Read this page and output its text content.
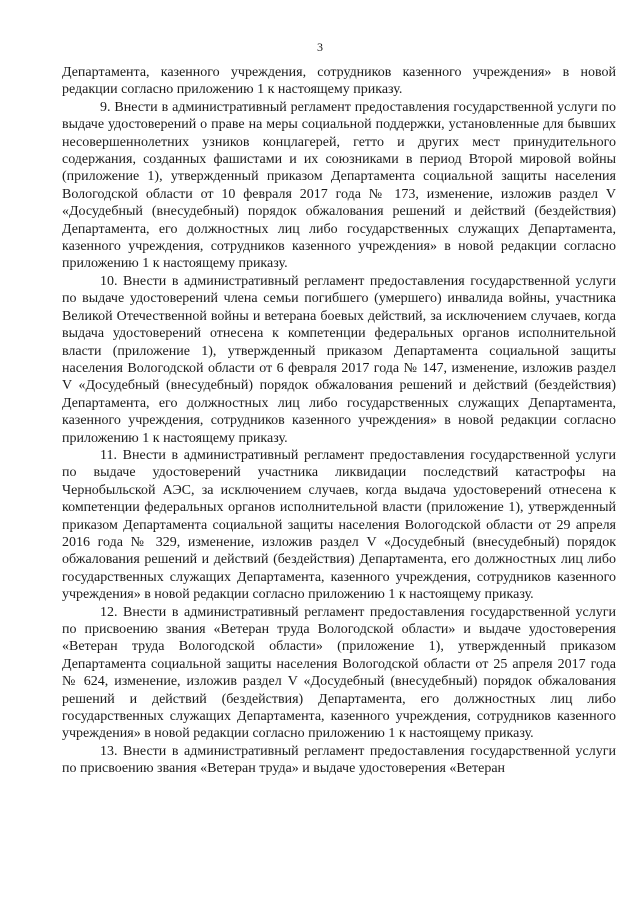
3

Департамента, казенного учреждения, сотрудников казенного учреждения» в новой редакции согласно приложению 1 к настоящему приказу.

9. Внести в административный регламент предоставления государственной услуги по выдаче удостоверений о праве на меры социальной поддержки, установленные для бывших несовершеннолетних узников концлагерей, гетто и других мест принудительного содержания, созданных фашистами и их союзниками в период Второй мировой войны (приложение 1), утвержденный приказом Департамента социальной защиты населения Вологодской области от 10 февраля 2017 года № 173, изменение, изложив раздел V «Досудебный (внесудебный) порядок обжалования решений и действий (бездействия) Департамента, его должностных лиц либо государственных служащих Департамента, казенного учреждения, сотрудников казенного учреждения» в новой редакции согласно приложению 1 к настоящему приказу.

10. Внести в административный регламент предоставления государственной услуги по выдаче удостоверений члена семьи погибшего (умершего) инвалида войны, участника Великой Отечественной войны и ветерана боевых действий, за исключением случаев, когда выдача удостоверений отнесена к компетенции федеральных органов исполнительной власти (приложение 1), утвержденный приказом Департамента социальной защиты населения Вологодской области от 6 февраля 2017 года № 147, изменение, изложив раздел V «Досудебный (внесудебный) порядок обжалования решений и действий (бездействия) Департамента, его должностных лиц либо государственных служащих Департамента, казенного учреждения, сотрудников казенного учреждения» в новой редакции согласно приложению 1 к настоящему приказу.

11. Внести в административный регламент предоставления государственной услуги по выдаче удостоверений участника ликвидации последствий катастрофы на Чернобыльской АЭС, за исключением случаев, когда выдача удостоверений отнесена к компетенции федеральных органов исполнительной власти (приложение 1), утвержденный приказом Департамента социальной защиты населения Вологодской области от 29 апреля 2016 года № 329, изменение, изложив раздел V «Досудебный (внесудебный) порядок обжалования решений и действий (бездействия) Департамента, его должностных лиц либо государственных служащих Департамента, казенного учреждения, сотрудников казенного учреждения» в новой редакции согласно приложению 1 к настоящему приказу.

12. Внести в административный регламент предоставления государственной услуги по присвоению звания «Ветеран труда Вологодской области» и выдаче удостоверения «Ветеран труда Вологодской области» (приложение 1), утвержденный приказом Департамента социальной защиты населения Вологодской области от 25 апреля 2017 года № 624, изменение, изложив раздел V «Досудебный (внесудебный) порядок обжалования решений и действий (бездействия) Департамента, его должностных лиц либо государственных служащих Департамента, казенного учреждения, сотрудников казенного учреждения» в новой редакции согласно приложению 1 к настоящему приказу.

13. Внести в административный регламент предоставления государственной услуги по присвоению звания «Ветеран труда» и выдаче удостоверения «Ветеран
